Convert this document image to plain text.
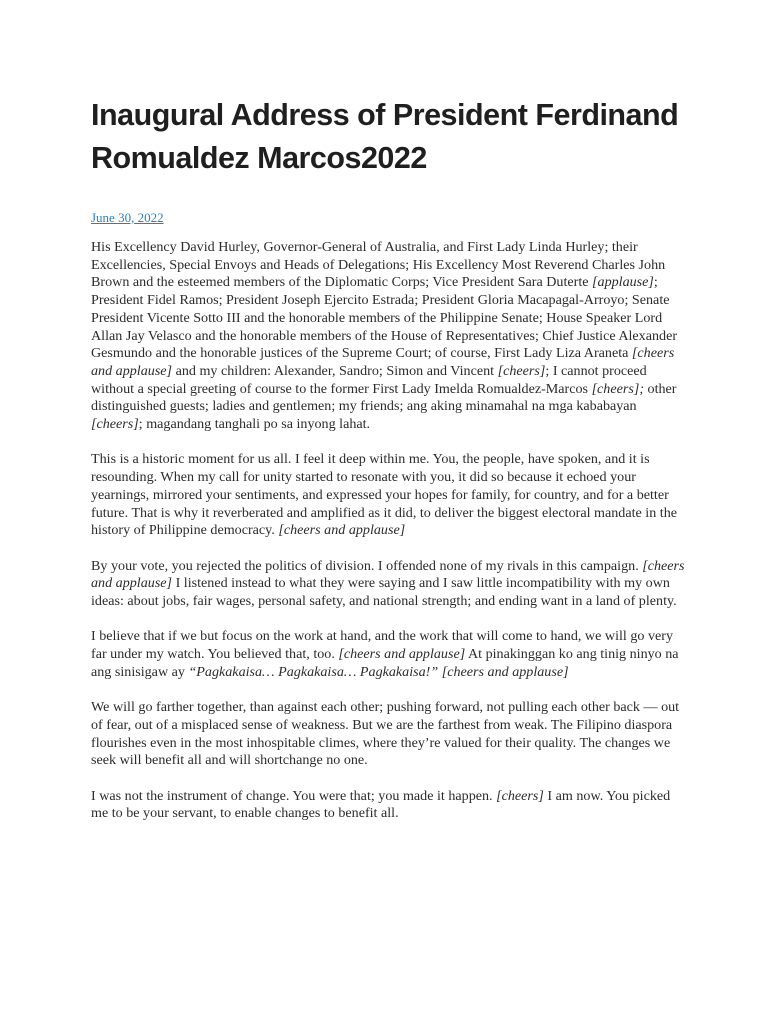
Inaugural Address of President Ferdinand Romualdez Marcos2022
June 30, 2022

His Excellency David Hurley, Governor-General of Australia, and First Lady Linda Hurley; their Excellencies, Special Envoys and Heads of Delegations; His Excellency Most Reverend Charles John Brown and the esteemed members of the Diplomatic Corps; Vice President Sara Duterte [applause]; President Fidel Ramos; President Joseph Ejercito Estrada; President Gloria Macapagal-Arroyo; Senate President Vicente Sotto III and the honorable members of the Philippine Senate; House Speaker Lord Allan Jay Velasco and the honorable members of the House of Representatives; Chief Justice Alexander Gesmundo and the honorable justices of the Supreme Court; of course, First Lady Liza Araneta [cheers and applause] and my children: Alexander, Sandro; Simon and Vincent [cheers]; I cannot proceed without a special greeting of course to the former First Lady Imelda Romualdez-Marcos [cheers]; other distinguished guests; ladies and gentlemen; my friends; ang aking minamahal na mga kababayan [cheers]; magandang tanghali po sa inyong lahat.

This is a historic moment for us all. I feel it deep within me. You, the people, have spoken, and it is resounding. When my call for unity started to resonate with you, it did so because it echoed your yearnings, mirrored your sentiments, and expressed your hopes for family, for country, and for a better future. That is why it reverberated and amplified as it did, to deliver the biggest electoral mandate in the history of Philippine democracy. [cheers and applause]

By your vote, you rejected the politics of division. I offended none of my rivals in this campaign. [cheers and applause] I listened instead to what they were saying and I saw little incompatibility with my own ideas: about jobs, fair wages, personal safety, and national strength; and ending want in a land of plenty.

I believe that if we but focus on the work at hand, and the work that will come to hand, we will go very far under my watch. You believed that, too. [cheers and applause] At pinakinggan ko ang tinig ninyo na ang sinisigaw ay “Pagkakaisa… Pagkakaisa… Pagkakaisa!” [cheers and applause]

We will go farther together, than against each other; pushing forward, not pulling each other back — out of fear, out of a misplaced sense of weakness. But we are the farthest from weak. The Filipino diaspora flourishes even in the most inhospitable climes, where they’re valued for their quality. The changes we seek will benefit all and will shortchange no one.

I was not the instrument of change. You were that; you made it happen. [cheers] I am now. You picked me to be your servant, to enable changes to benefit all.
